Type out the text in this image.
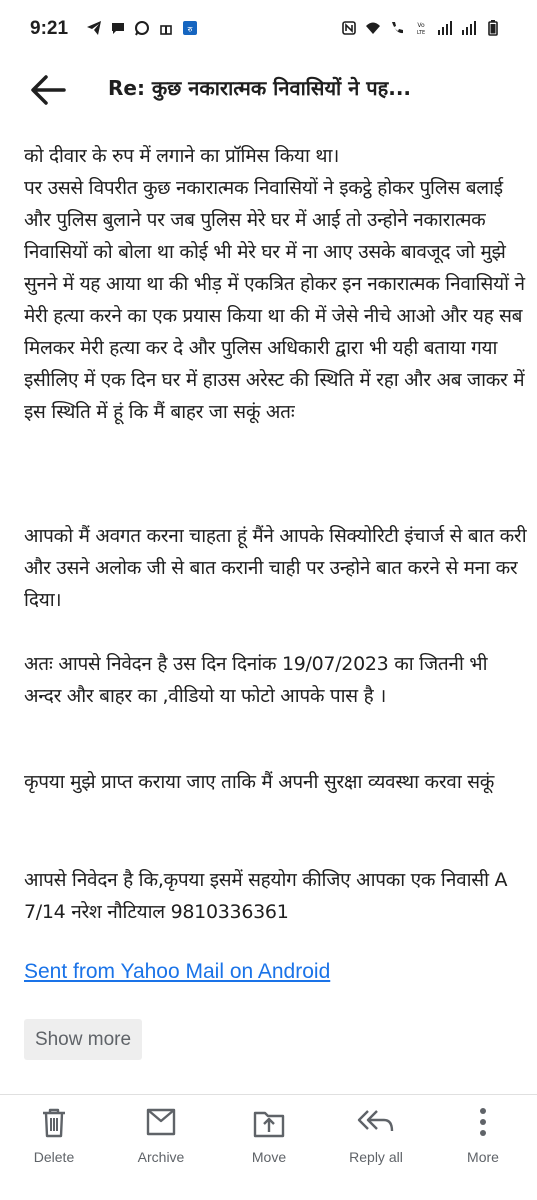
9:21	रु	Vo
LTE
Re: कुछ नकारात्मक निवासियों ने पह...
को दीवार के रुप में लगाने का प्रॉमिस किया था।
पर उससे विपरीत कुछ नकारात्मक निवासियों ने इकट्ठे होकर पुलिस बलाई और पुलिस बुलाने पर जब पुलिस मेरे घर में आई तो उन्होने नकारात्मक निवासियों को बोला था कोई भी मेरे घर में ना आए उसके बावजूद जो मुझे सुनने में यह आया था की भीड़ में एकत्रित होकर इन नकारात्मक निवासियों ने मेरी हत्या करने का एक प्रयास किया था की में जेसे नीचे आओ और यह सब मिलकर मेरी हत्या कर दे और पुलिस अधिकारी द्वारा भी यही बताया गया इसीलिए में एक दिन घर में हाउस अरेस्ट की स्थिति में रहा और अब जाकर में इस स्थिति में हूं कि मैं बाहर जा सकूं अतः
आपको मैं अवगत करना चाहता हूं मैंने आपके सिक्योरिटी इंचार्ज से बात करी और उसने अलोक जी से बात करानी चाही पर उन्होने बात करने से मना कर दिया।
अतः आपसे निवेदन है उस दिन दिनांक 19/07/2023 का जितनी भी अन्दर और बाहर का ,वीडियो या फोटो आपके पास है ।
कृपया मुझे प्राप्त कराया जाए ताकि मैं अपनी सुरक्षा व्यवस्था करवा सकूं
आपसे निवेदन है कि,कृपया इसमें सहयोग कीजिए आपका एक निवासी A 7/14 नरेश नौटियाल 9810336361
Sent from Yahoo Mail on Android
Show more
Delete	Archive	Move	Reply all	More
